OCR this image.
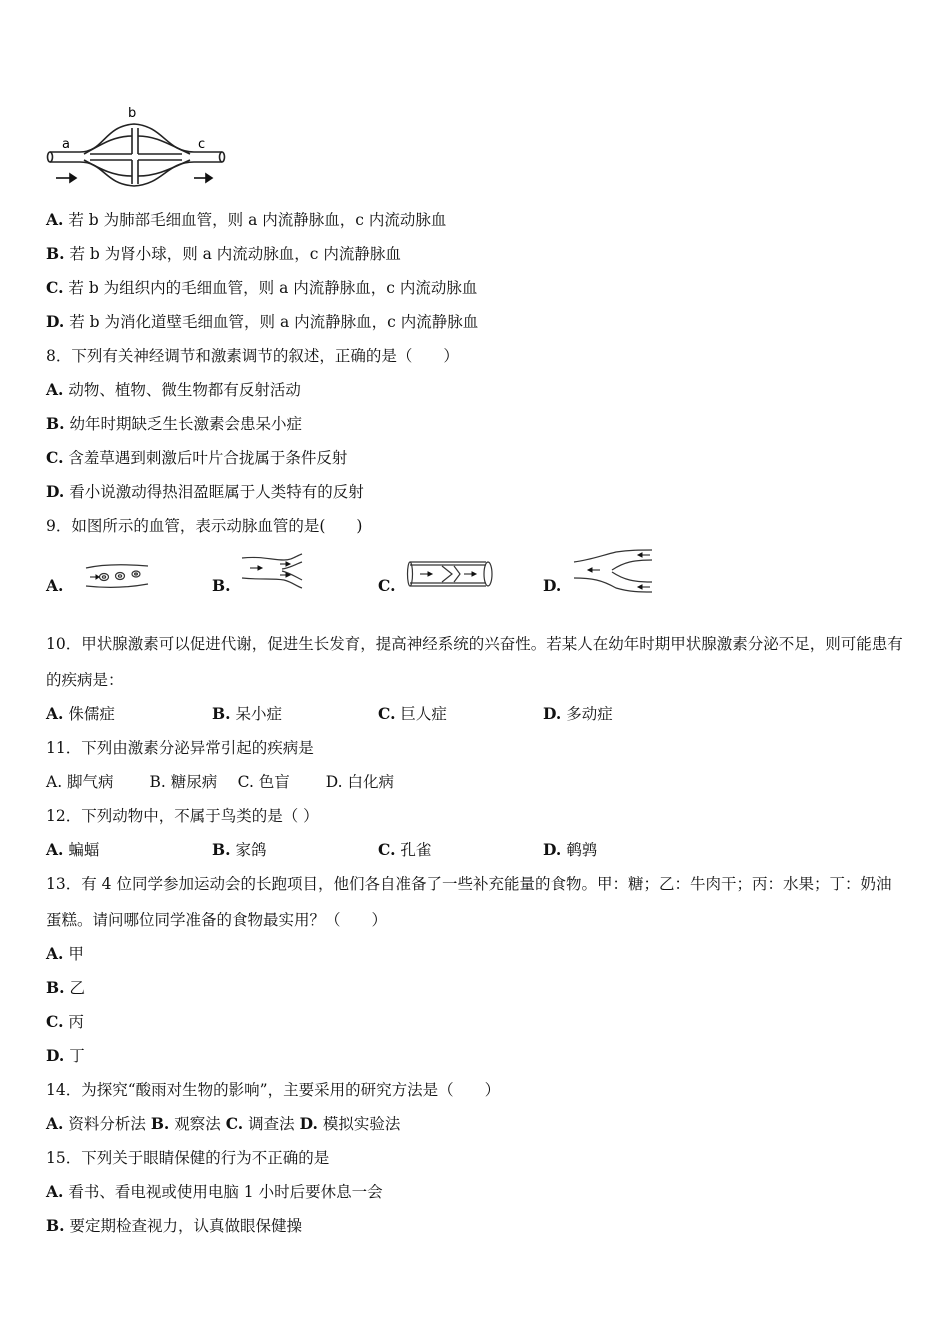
a
b
c
A. 若 b 为肺部毛细血管，则 a 内流静脉血，c 内流动脉血
B. 若 b 为肾小球，则 a 内流动脉血，c 内流静脉血
C. 若 b 为组织内的毛细血管，则 a 内流静脉血，c 内流动脉血
D. 若 b 为消化道壁毛细血管，则 a 内流静脉血，c 内流静脉血
8．下列有关神经调节和激素调节的叙述，正确的是（　　）
A. 动物、植物、微生物都有反射活动
B. 幼年时期缺乏生长激素会患呆小症
C. 含羞草遇到刺激后叶片合拢属于条件反射
D. 看小说激动得热泪盈眶属于人类特有的反射
9．如图所示的血管，表示动脉血管的是(　　)
A.	B.	C.	D.
10．甲状腺激素可以促进代谢，促进生长发育，提高神经系统的兴奋性。若某人在幼年时期甲状腺激素分泌不足，则可能患有的疾病是：
A. 侏儒症	B. 呆小症	C. 巨人症	D. 多动症
11．下列由激素分泌异常引起的疾病是
A. 脚气病　　 B. 糖尿病　 C. 色盲　　 D. 白化病
12．下列动物中，不属于鸟类的是（ ）
A. 蝙蝠	B. 家鸽	C. 孔雀	D. 鹌鹑
13．有 4 位同学参加运动会的长跑项目，他们各自准备了一些补充能量的食物。甲：糖；乙：牛肉干；丙：水果；丁：奶油蛋糕。请问哪位同学准备的食物最实用？（　　）
A. 甲
B. 乙
C. 丙
D. 丁
14．为探究“酸雨对生物的影响”，主要采用的研究方法是（　　）
A. 资料分析法 B. 观察法 C. 调查法 D. 模拟实验法
15．下列关于眼睛保健的行为不正确的是
A. 看书、看电视或使用电脑 1 小时后要休息一会
B. 要定期检查视力，认真做眼保健操
